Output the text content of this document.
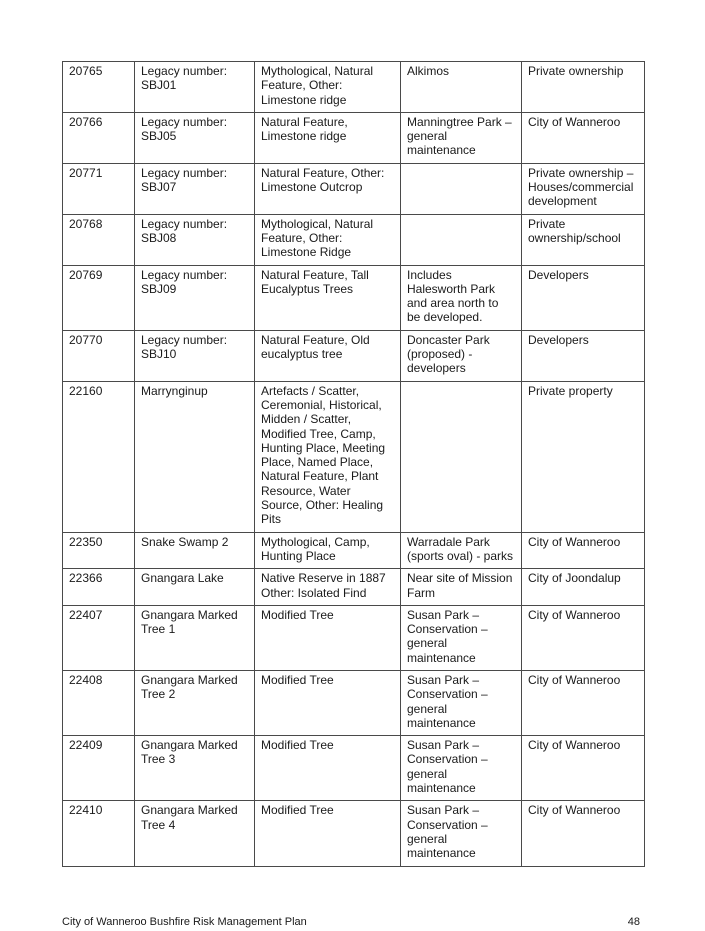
20765	Legacy number: SBJ01	Mythological, Natural Feature, Other: Limestone ridge	Alkimos	Private ownership
20766	Legacy number: SBJ05	Natural Feature, Limestone ridge	Manningtree Park – general maintenance	City of Wanneroo
20771	Legacy number: SBJ07	Natural Feature, Other: Limestone Outcrop		Private ownership – Houses/commercial development
20768	Legacy number: SBJ08	Mythological, Natural Feature, Other: Limestone Ridge		Private ownership/school
20769	Legacy number: SBJ09	Natural Feature, Tall Eucalyptus Trees	Includes Halesworth Park and area north to be developed.	Developers
20770	Legacy number: SBJ10	Natural Feature, Old eucalyptus tree	Doncaster Park (proposed) - developers	Developers
22160	Marrynginup	Artefacts / Scatter, Ceremonial, Historical, Midden / Scatter, Modified Tree, Camp, Hunting Place, Meeting Place, Named Place, Natural Feature, Plant Resource, Water Source, Other: Healing Pits		Private property
22350	Snake Swamp 2	Mythological, Camp, Hunting Place	Warradale Park (sports oval) - parks	City of Wanneroo
22366	Gnangara Lake	Native Reserve in 1887 Other: Isolated Find	Near site of Mission Farm	City of Joondalup
22407	Gnangara Marked Tree 1	Modified Tree	Susan Park – Conservation – general maintenance	City of Wanneroo
22408	Gnangara Marked Tree 2	Modified Tree	Susan Park – Conservation – general maintenance	City of Wanneroo
22409	Gnangara Marked Tree 3	Modified Tree	Susan Park – Conservation – general maintenance	City of Wanneroo
22410	Gnangara Marked Tree 4	Modified Tree	Susan Park – Conservation – general maintenance	City of Wanneroo
City of Wanneroo Bushfire Risk Management Plan	48
